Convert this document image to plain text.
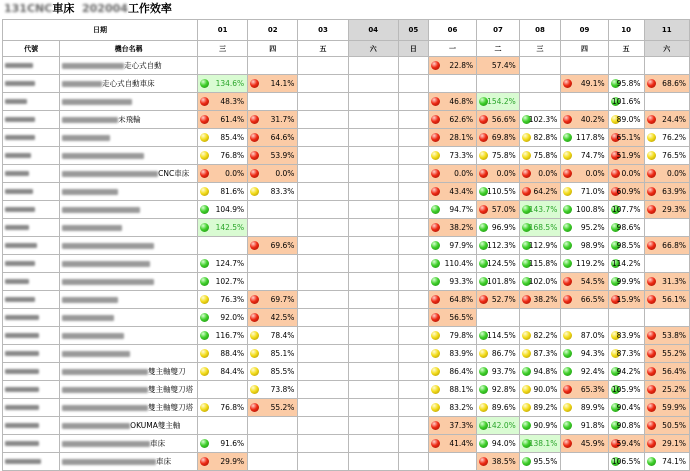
131CNC車床 202004工作效率
日期		01	02	03	04	05	06	07	08	09	10	11
代號	機台名稱	三	四	五	六	日	一	二	三	四	五	六
	走心式自動						22.8%	57.4%				

	走心式自動車床	134.6%	14.1%							49.1%	95.8%	68.6%

		48.3%					46.8%	154.2%			101.6%	

	未飛輪	61.4%	31.7%				62.6%	56.6%	102.3%	40.2%	89.0%	24.4%

		85.4%	64.6%				28.1%	69.8%	82.8%	117.8%	65.1%	76.2%

		76.8%	53.9%				73.3%	75.8%	75.8%	74.7%	51.9%	76.5%

	CNC車床	0.0%	0.0%				0.0%	0.0%	0.0%	0.0%	0.0%	0.0%

		81.6%	83.3%				43.4%	110.5%	64.2%	71.0%	60.9%	63.9%

		104.9%					94.7%	57.0%	143.7%	100.8%	107.7%	29.3%

		142.5%					38.2%	96.9%	168.5%	95.2%	98.6%	

			69.6%				97.9%	112.3%	112.9%	98.9%	98.5%	66.8%

		124.7%					110.4%	124.5%	115.8%	119.2%	114.2%	

		102.7%					93.3%	101.8%	102.0%	54.5%	99.9%	31.3%

		76.3%	69.7%				64.8%	52.7%	38.2%	66.5%	15.9%	56.1%

		92.0%	42.5%				56.5%					

		116.7%	78.4%				79.8%	114.5%	82.2%	87.0%	83.9%	53.8%

		88.4%	85.1%				83.9%	86.7%	87.3%	94.3%	87.3%	55.2%

	雙主軸雙刀	84.4%	85.5%				86.4%	93.7%	94.8%	92.4%	94.2%	56.4%

	雙主軸雙刀塔		73.8%				88.1%	92.8%	90.0%	65.3%	105.9%	25.2%

	雙主軸雙刀塔	76.8%	55.2%				83.2%	89.6%	89.2%	89.9%	90.4%	59.9%

	OKUMA雙主軸						37.3%	142.0%	90.9%	91.8%	90.8%	50.5%

	車床	91.6%					41.4%	94.0%	138.1%	45.9%	59.4%	29.1%

	車床	29.9%						38.5%	95.5%		106.5%	74.1%
